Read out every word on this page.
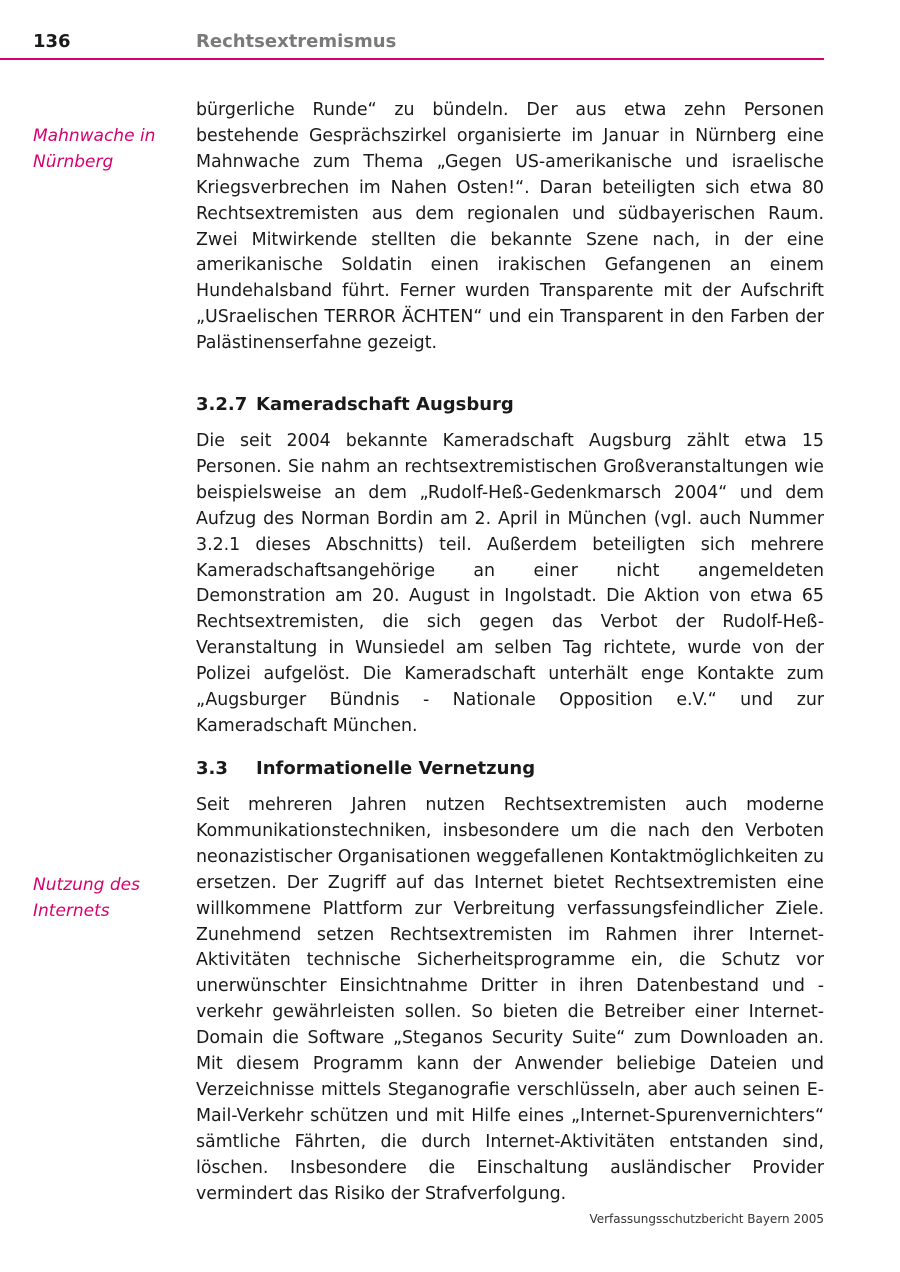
136	Rechtsextremismus
Mahnwache in Nürnberg

bürgerliche Runde“ zu bündeln. Der aus etwa zehn Personen bestehende Gesprächszirkel organisierte im Januar in Nürnberg eine Mahnwache zum Thema „Gegen US-amerikanische und israelische Kriegsverbrechen im Nahen Osten!“. Daran beteiligten sich etwa 80 Rechtsextremisten aus dem regionalen und südbayerischen Raum. Zwei Mitwirkende stellten die bekannte Szene nach, in der eine amerikanische Soldatin einen irakischen Gefangenen an einem Hundehalsband führt. Ferner wurden Transparente mit der Aufschrift „USraelischen TERROR ÄCHTEN“ und ein Transparent in den Farben der Palästinenserfahne gezeigt.

3.2.7 Kameradschaft Augsburg

Die seit 2004 bekannte Kameradschaft Augsburg zählt etwa 15 Personen. Sie nahm an rechtsextremistischen Großveranstaltungen wie beispielsweise an dem „Rudolf-Heß-Gedenkmarsch 2004“ und dem Aufzug des Norman Bordin am 2. April in München (vgl. auch Nummer 3.2.1 dieses Abschnitts) teil. Außerdem beteiligten sich mehrere Kameradschaftsangehörige an einer nicht angemeldeten Demonstration am 20. August in Ingolstadt. Die Aktion von etwa 65 Rechtsextremisten, die sich gegen das Verbot der Rudolf-Heß-Veranstaltung in Wunsiedel am selben Tag richtete, wurde von der Polizei aufgelöst. Die Kameradschaft unterhält enge Kontakte zum „Augsburger Bündnis - Nationale Opposition e.V.“ und zur Kameradschaft München.

3.3 Informationelle Vernetzung

Seit mehreren Jahren nutzen Rechtsextremisten auch moderne Kommunikationstechniken, insbesondere um die nach den Verboten neonazistischer Organisationen weggefallenen Kontaktmöglichkeiten zu ersetzen. Der Zugriff auf das Internet bietet Rechtsextremisten eine willkommene Plattform zur Verbreitung verfassungsfeindlicher Ziele. Zunehmend setzen Rechtsextremisten im Rahmen ihrer Internet-Aktivitäten technische Sicherheitsprogramme ein, die Schutz vor unerwünschter Einsichtnahme Dritter in ihren Datenbestand und -verkehr gewährleisten sollen. So bieten die Betreiber einer Internet-Domain die Software „Steganos Security Suite“ zum Downloaden an. Mit diesem Programm kann der Anwender beliebige Dateien und Verzeichnisse mittels Steganografie verschlüsseln, aber auch seinen E-Mail-Verkehr schützen und mit Hilfe eines „Internet-Spurenvernichters“ sämtliche Fährten, die durch Internet-Aktivitäten entstanden sind, löschen. Insbesondere die Einschaltung ausländischer Provider vermindert das Risiko der Strafverfolgung.

Nutzung des Internets
Verfassungsschutzbericht Bayern 2005
